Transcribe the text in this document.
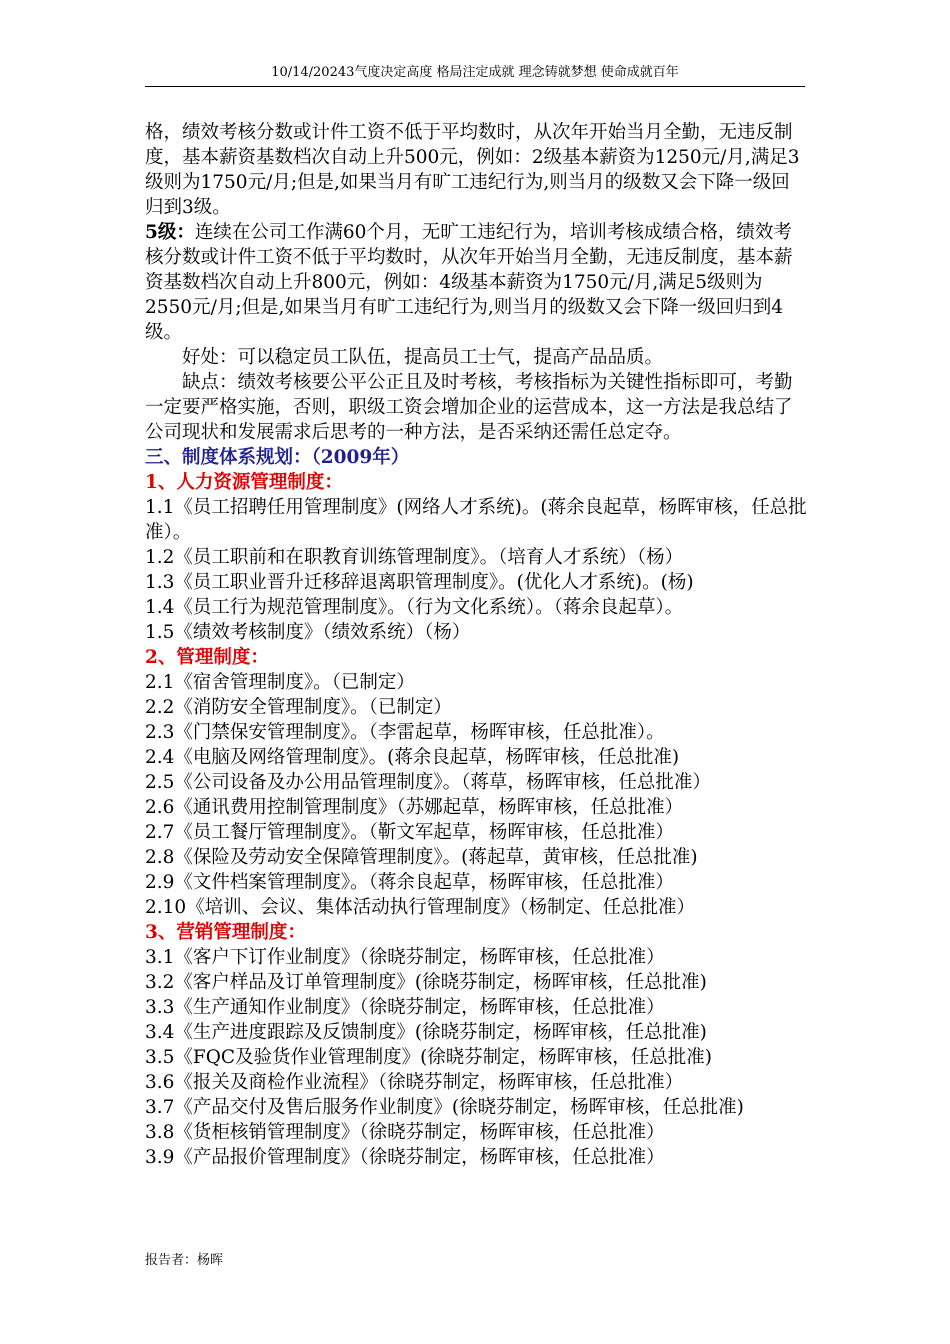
10/14/20243气度决定高度 格局注定成就 理念铸就梦想 使命成就百年

格，绩效考核分数或计件工资不低于平均数时，从次年开始当月全勤，无违反制度，基本薪资基数档次自动上升500元，例如：2级基本薪资为1250元/月,满足3级则为1750元/月;但是,如果当月有旷工违纪行为,则当月的级数又会下降一级回归到3级。

5级：连续在公司工作满60个月，无旷工违纪行为，培训考核成绩合格，绩效考核分数或计件工资不低于平均数时，从次年开始当月全勤，无违反制度，基本薪资基数档次自动上升800元，例如：4级基本薪资为1750元/月,满足5级则为2550元/月;但是,如果当月有旷工违纪行为,则当月的级数又会下降一级回归到4级。

好处：可以稳定员工队伍，提高员工士气，提高产品品质。

缺点：绩效考核要公平公正且及时考核，考核指标为关键性指标即可，考勤一定要严格实施，否则，职级工资会增加企业的运营成本，这一方法是我总结了公司现状和发展需求后思考的一种方法，是否采纳还需任总定夺。

三、制度体系规划：（2009年）

1、人力资源管理制度：

1.1《员工招聘任用管理制度》(网络人才系统)。(蒋余良起草，杨晖审核，任总批准）。

1.2《员工职前和在职教育训练管理制度》。（培育人才系统）（杨）

1.3《员工职业晋升迁移辞退离职管理制度》。(优化人才系统)。(杨)

1.4《员工行为规范管理制度》。（行为文化系统）。（蒋余良起草）。

1.5《绩效考核制度》（绩效系统）（杨）

2、管理制度：

2.1《宿舍管理制度》。（已制定）

2.2《消防安全管理制度》。（已制定）

2.3《门禁保安管理制度》。（李雷起草，杨晖审核，任总批准）。

2.4《电脑及网络管理制度》。(蒋余良起草，杨晖审核，任总批准)

2.5《公司设备及办公用品管理制度》。（蒋草，杨晖审核，任总批准）

2.6《通讯费用控制管理制度》（苏娜起草，杨晖审核，任总批准）

2.7《员工餐厅管理制度》。（靳文军起草，杨晖审核，任总批准）

2.8《保险及劳动安全保障管理制度》。(蒋起草，黄审核，任总批准)

2.9《文件档案管理制度》。（蒋余良起草，杨晖审核，任总批准）

2.10《培训、会议、集体活动执行管理制度》（杨制定、任总批准）

3、营销管理制度：

3.1《客户下订作业制度》（徐晓芬制定，杨晖审核，任总批准）

3.2《客户样品及订单管理制度》(徐晓芬制定，杨晖审核，任总批准)

3.3《生产通知作业制度》（徐晓芬制定，杨晖审核，任总批准）

3.4《生产进度跟踪及反馈制度》(徐晓芬制定，杨晖审核，任总批准)

3.5《FQC及验货作业管理制度》(徐晓芬制定，杨晖审核，任总批准)

3.6《报关及商检作业流程》（徐晓芬制定，杨晖审核，任总批准）

3.7《产品交付及售后服务作业制度》(徐晓芬制定，杨晖审核，任总批准)

3.8《货柜核销管理制度》（徐晓芬制定，杨晖审核，任总批准）

3.9《产品报价管理制度》（徐晓芬制定，杨晖审核，任总批准）

报告者：杨晖
